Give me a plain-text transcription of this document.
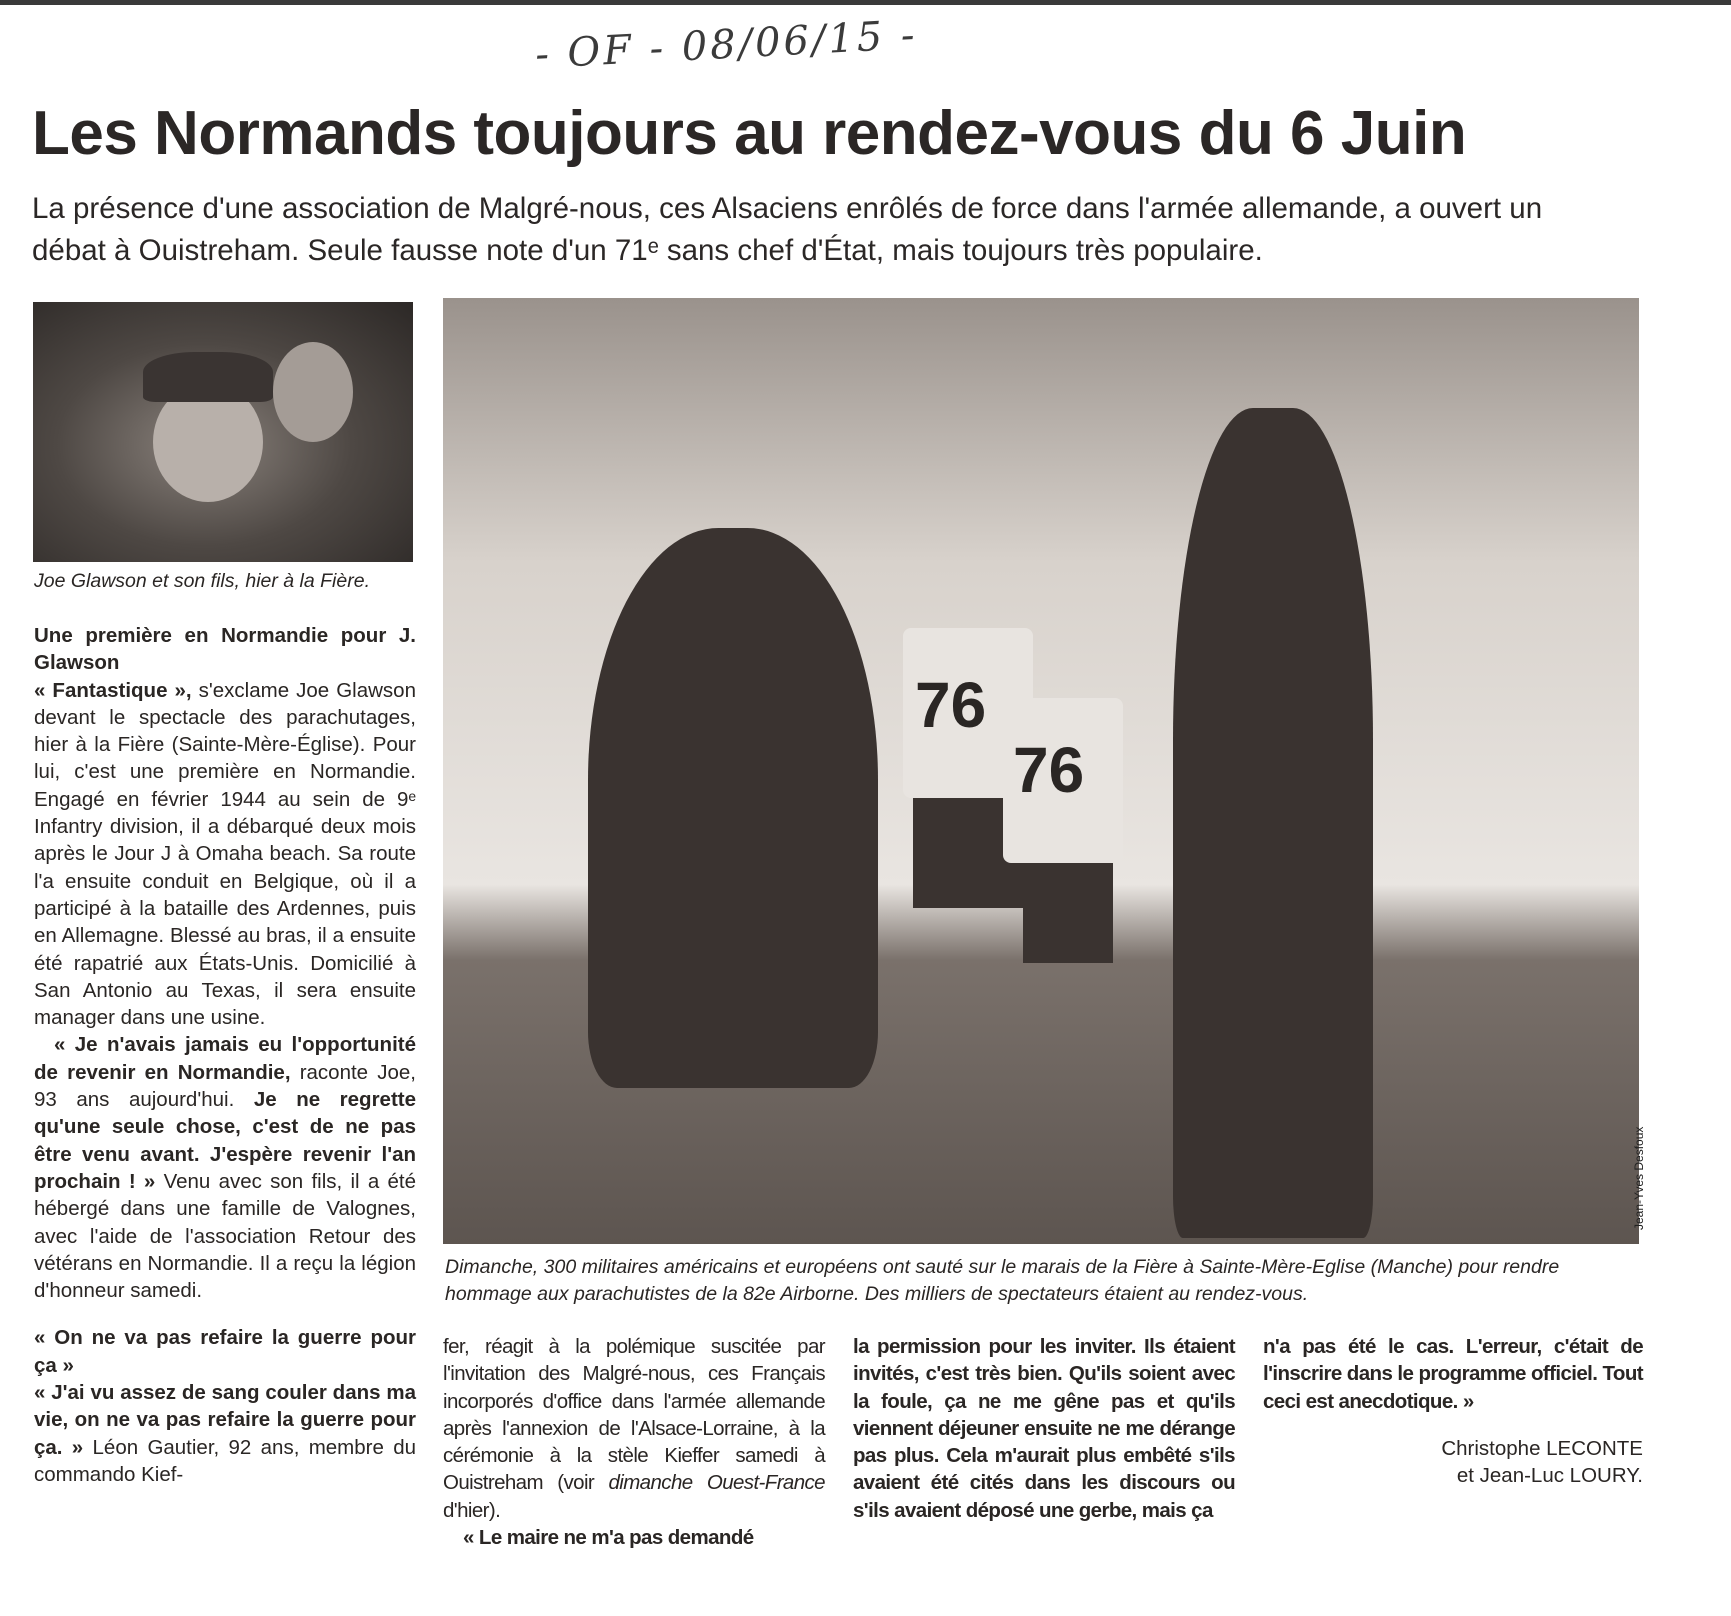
- OF - 08/06/15 -
Les Normands toujours au rendez-vous du 6 Juin
La présence d'une association de Malgré-nous, ces Alsaciens enrôlés de force dans l'armée allemande, a ouvert un débat à Ouistreham. Seule fausse note d'un 71ᵉ sans chef d'État, mais toujours très populaire.
Joe Glawson et son fils, hier à la Fière.
76
76
Jean-Yves Desfoux
Dimanche, 300 militaires américains et européens ont sauté sur le marais de la Fière à Sainte-Mère-Eglise (Manche) pour rendre hommage aux parachutistes de la 82e Airborne. Des milliers de spectateurs étaient au rendez-vous.
Une première en Normandie pour J. Glawson

« Fantastique », s'exclame Joe Glawson devant le spectacle des parachutages, hier à la Fière (Sainte-Mère-Église). Pour lui, c'est une première en Normandie. Engagé en février 1944 au sein de 9ᵉ Infantry division, il a débarqué deux mois après le Jour J à Omaha beach. Sa route l'a ensuite conduit en Belgique, où il a participé à la bataille des Ardennes, puis en Allemagne. Blessé au bras, il a ensuite été rapatrié aux États-Unis. Domicilié à San Antonio au Texas, il sera ensuite manager dans une usine.

« Je n'avais jamais eu l'opportunité de revenir en Normandie, raconte Joe, 93 ans aujourd'hui. Je ne regrette qu'une seule chose, c'est de ne pas être venu avant. J'espère revenir l'an prochain ! » Venu avec son fils, il a été hébergé dans une famille de Valognes, avec l'aide de l'association Retour des vétérans en Normandie. Il a reçu la légion d'honneur samedi.

« On ne va pas refaire la guerre pour ça »

« J'ai vu assez de sang couler dans ma vie, on ne va pas refaire la guerre pour ça. » Léon Gautier, 92 ans, membre du commando Kief-

fer, réagit à la polémique suscitée par l'invitation des Malgré-nous, ces Français incorporés d'office dans l'armée allemande après l'annexion de l'Alsace-Lorraine, à la cérémonie à la stèle Kieffer samedi à Ouistreham (voir dimanche Ouest-France d'hier).

« Le maire ne m'a pas demandé

la permission pour les inviter. Ils étaient invités, c'est très bien. Qu'ils soient avec la foule, ça ne me gêne pas et qu'ils viennent déjeuner ensuite ne me dérange pas plus. Cela m'aurait plus embêté s'ils avaient été cités dans les discours ou s'ils avaient déposé une gerbe, mais ça

n'a pas été le cas. L'erreur, c'était de l'inscrire dans le programme officiel. Tout ceci est anecdotique. »

Christophe LECONTE

et Jean-Luc LOURY.
